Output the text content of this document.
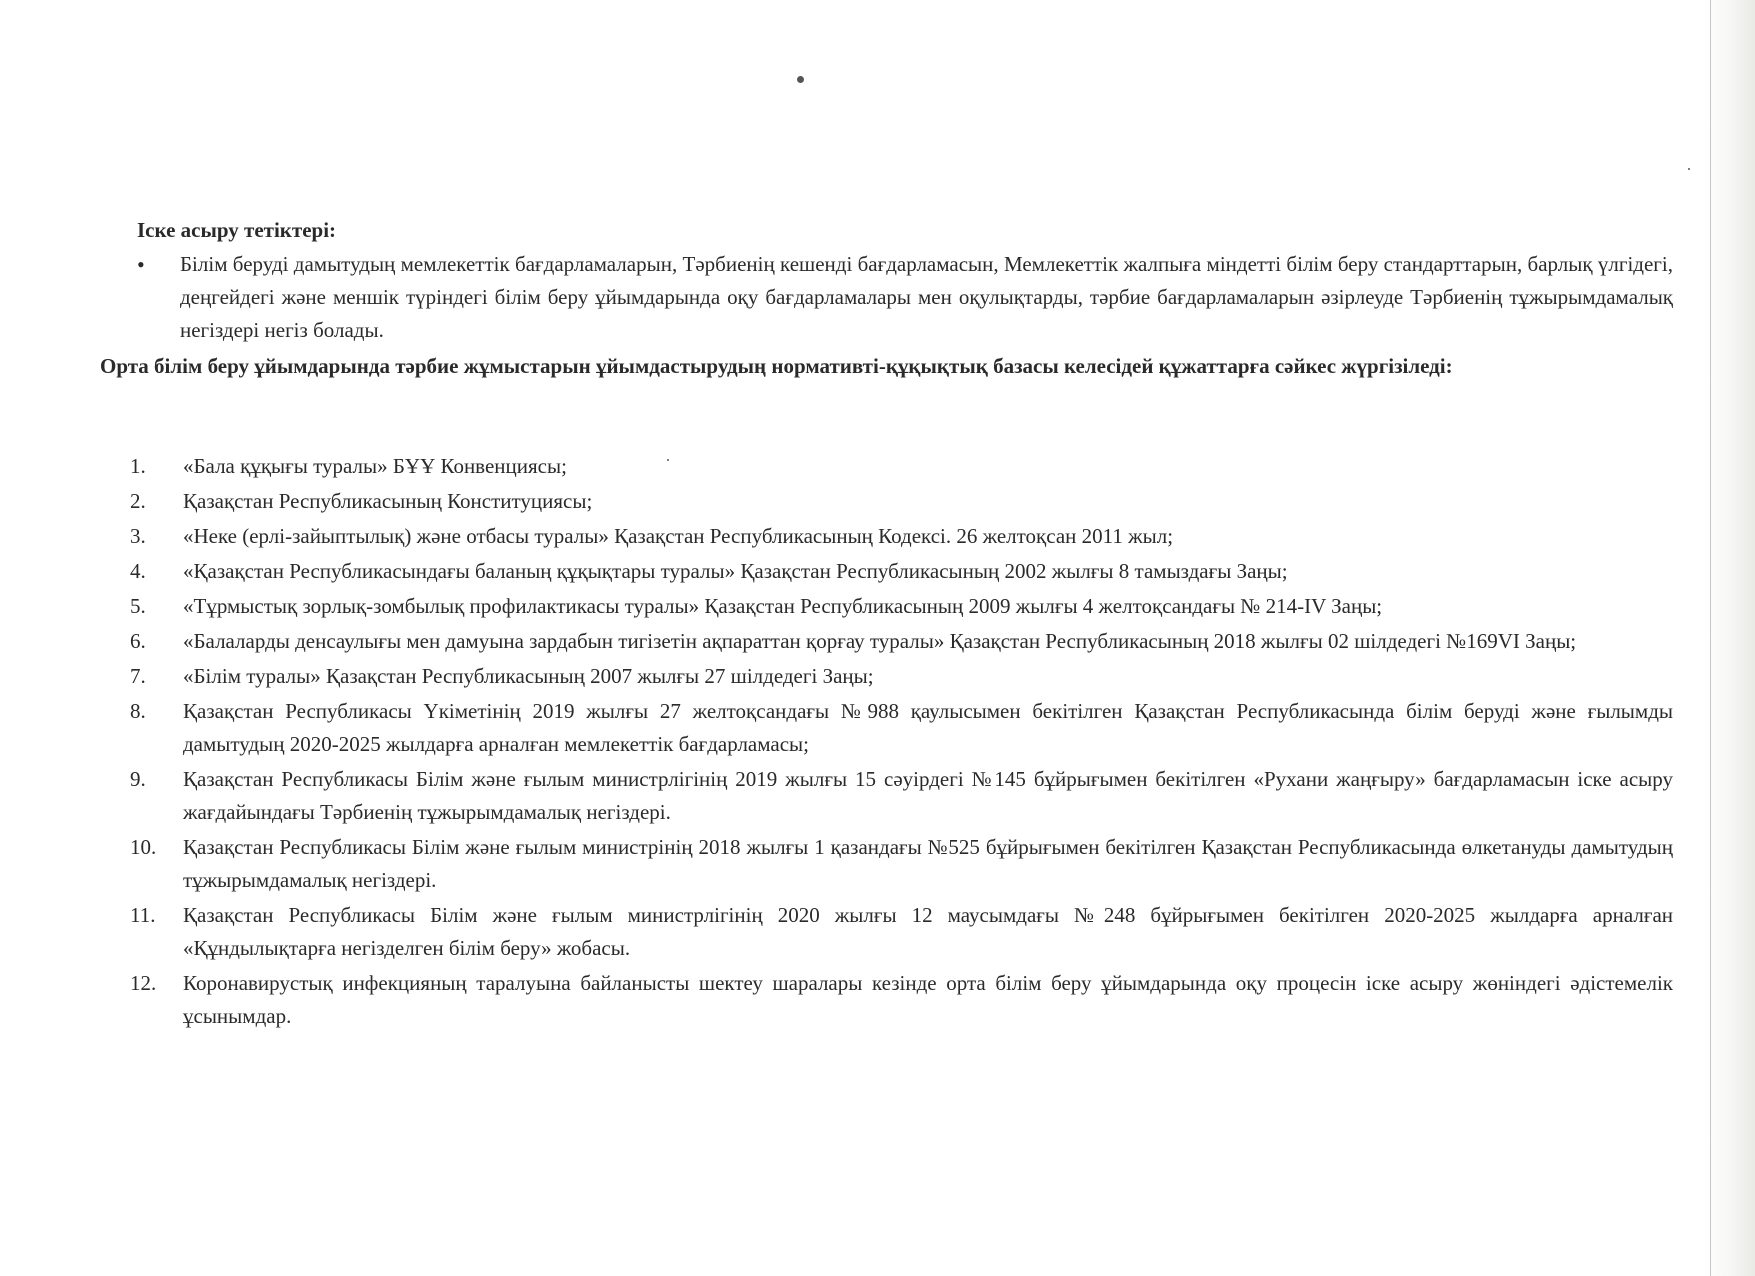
Іске асыру тетіктері:
•	Білім беруді дамытудың мемлекеттік бағдарламаларын, Тәрбиенің кешенді бағдарламасын, Мемлекеттік жалпыға міндетті білім беру стандарттарын, барлық үлгідегі, деңгейдегі және меншік түріндегі білім беру ұйымдарында оқу бағдарламалары мен оқулықтарды, тәрбие бағдарламаларын әзірлеуде Тәрбиенің тұжырымдамалық негіздері негіз болады.

Орта білім беру ұйымдарында тәрбие жұмыстарын ұйымдастырудың нормативті-құқықтық базасы келесідей құжаттарға сәйкес жүргізіледі:

1.	«Бала құқығы туралы» БҰҰ Конвенциясы;
2.	Қазақстан Республикасының Конституциясы;
3.	«Неке (ерлі-зайыптылық) және отбасы туралы» Қазақстан Республикасының Кодексі. 26 желтоқсан 2011 жыл;
4.	«Қазақстан Республикасындағы баланың құқықтары туралы» Қазақстан Республикасының 2002 жылғы 8 тамыздағы Заңы;
5.	«Тұрмыстық зорлық-зомбылық профилактикасы туралы» Қазақстан Республикасының 2009 жылғы 4 желтоқсандағы № 214-IV Заңы;
6.	«Балаларды денсаулығы мен дамуына зардабын тигізетін ақпараттан қорғау туралы» Қазақстан Республикасының 2018 жылғы 02 шілдедегі №169VI Заңы;
7.	«Білім туралы» Қазақстан Республикасының 2007 жылғы 27 шілдедегі Заңы;
8.	Қазақстан Республикасы Үкіметінің 2019 жылғы 27 желтоқсандағы №988 қаулысымен бекітілген Қазақстан Республикасында білім беруді және ғылымды дамытудың 2020-2025 жылдарға арналған мемлекеттік бағдарламасы;
9.	Қазақстан Республикасы Білім және ғылым министрлігінің 2019 жылғы 15 сәуірдегі №145 бұйрығымен бекітілген «Рухани жаңғыру» бағдарламасын іске асыру жағдайындағы Тәрбиенің тұжырымдамалық негіздері.
10.	Қазақстан Республикасы Білім және ғылым министрінің 2018 жылғы 1 қазандағы №525 бұйрығымен бекітілген Қазақстан Республикасында өлкетануды дамытудың тұжырымдамалық негіздері.
11.	Қазақстан Республикасы Білім және ғылым министрлігінің 2020 жылғы 12 маусымдағы №248 бұйрығымен бекітілген 2020-2025 жылдарға арналған «Құндылықтарға негізделген білім беру» жобасы.
12.	Коронавирустық инфекцияның таралуына байланысты шектеу шаралары кезінде орта білім беру ұйымдарында оқу процесін іске асыру жөніндегі әдістемелік ұсынымдар.
